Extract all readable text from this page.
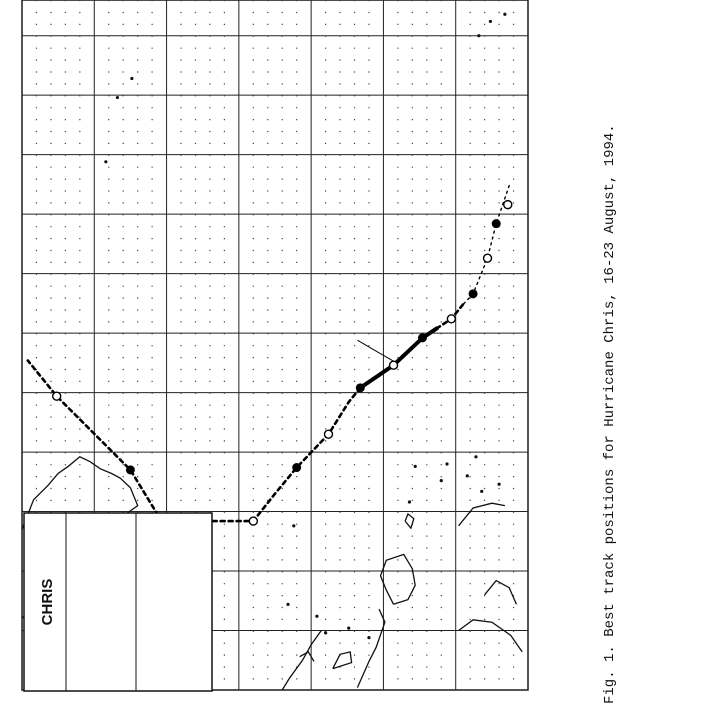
CHRIS	Fig. 1. Best track positions for Hurricane Chris, 16-23 August, 1994.
